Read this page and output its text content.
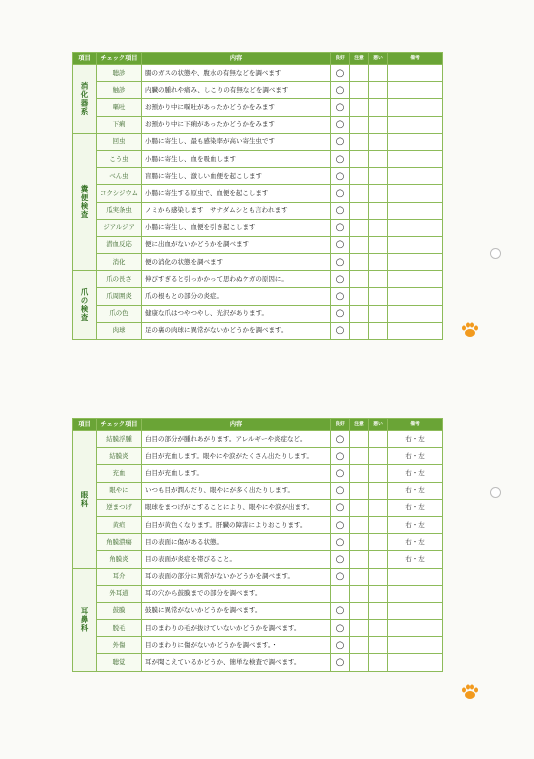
項目	チェック項目	内容	良好	注意	悪い	備考
消化器系	聴診	腸のガスの状態や、腹水の有無などを調べます	○			
	触診	内臓の腫れや痛み、しこりの有無などを調べます	○			
	嘔吐	お預かり中に嘔吐があったかどうかをみます	○			
	下痢	お預かり中に下痢があったかどうかをみます	○			
糞便検査	回虫	小腸に寄生し、最も感染率が高い寄生虫です	○			
	こう虫	小腸に寄生し、血を吸血します	○			
	べん虫	盲腸に寄生し、激しい血便を起こします	○			
	コクシジウム	小腸に寄生する原虫で、血便を起こします	○			
	瓜実条虫	ノミから感染します　サナダムシとも言われます	○			
	ジアルジア	小腸に寄生し、血便を引き起こします	○			
	潜血反応	便に出血がないかどうかを調べます	○			
	消化	便の消化の状態を調べます	○			
爪の検査	爪の長さ	伸びすぎると引っかかって思わぬケガの原因に。	○			
	爪周囲炎	爪の根もとの部分の炎症。	○			
	爪の色	健康な爪はつやつやし、光沢があります。	○			
	肉球	足の裏の肉球に異常がないかどうかを調べます。	○			
項目	チェック項目	内容	良好	注意	悪い	備考
眼科	結膜浮腫	白目の部分が腫れあがります。アレルギーや炎症など。	○			右・左
	結膜炎	白目が充血します。眼やにや涙がたくさん出たりします。	○			右・左
	充血	白目が充血します。	○			右・左
	眼やに	いつも目が潤んだり、眼やにが多く出たりします。	○			右・左
	逆まつげ	眼球をまつげがこすることにより、眼やにや涙が出ます。	○			右・左
	黄疸	白目が黄色くなります。肝臓の障害によりおこります。	○			右・左
	角膜潰瘍	目の表面に傷がある状態。	○			右・左
	角膜炎	目の表面が炎症を帯びること。	○			右・左
耳鼻科	耳介	耳の表面の部分に異常がないかどうかを調べます。	○			
	外耳道	耳の穴から鼓膜までの部分を調べます。				
	鼓膜	鼓膜に異常がないかどうかを調べます。	○			
	脱毛	目のまわりの毛が抜けていないかどうかを調べます。	○			
	外傷	目のまわりに傷がないかどうかを調べます。・	○			
	聴覚	耳が聞こえているかどうか、簡単な検査で調べます。	○			
